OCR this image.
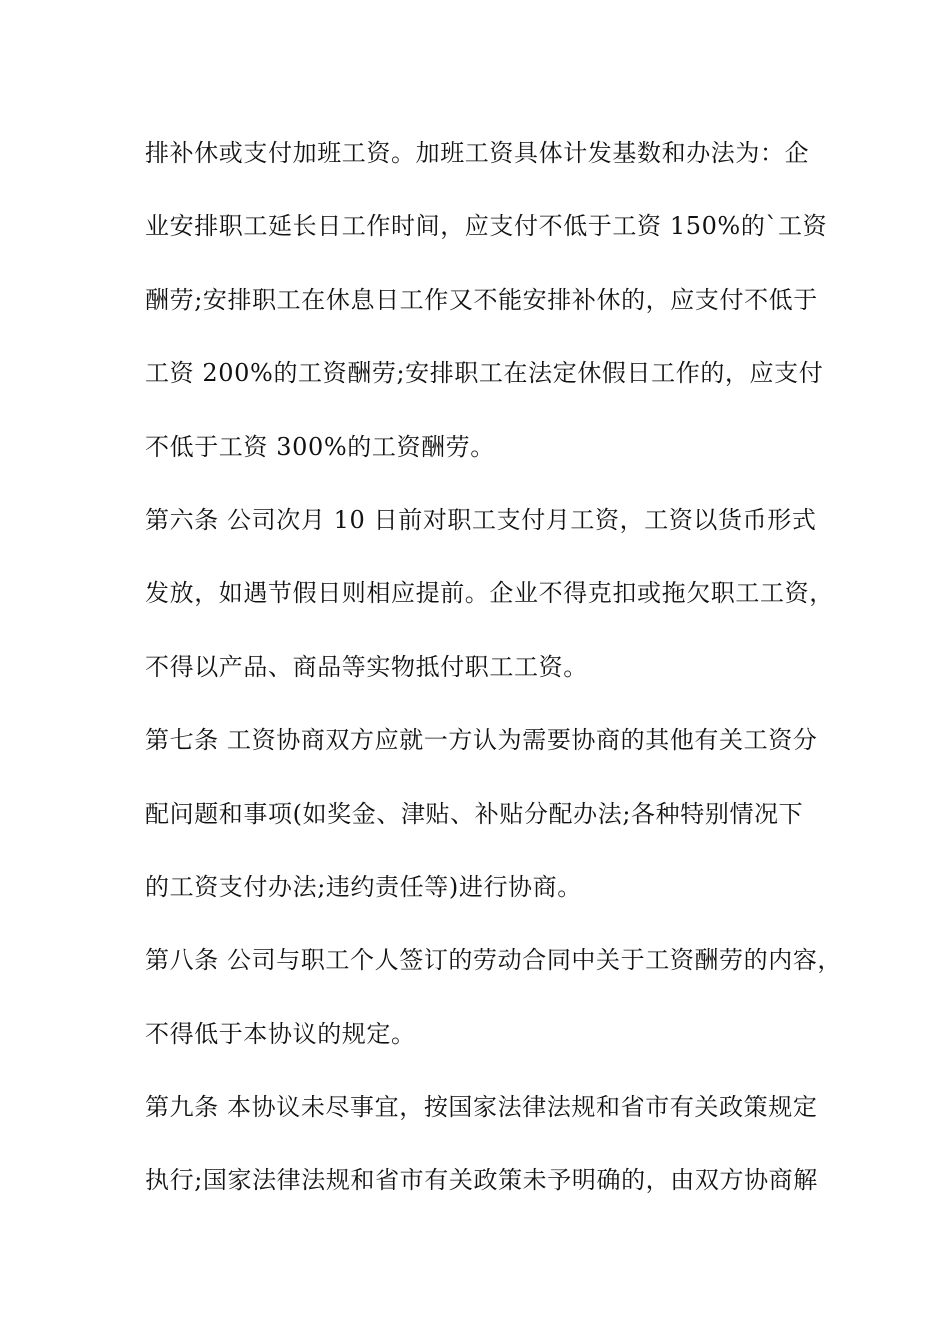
排补休或支付加班工资。加班工资具体计发基数和办法为：企
业安排职工延长日工作时间，应支付不低于工资 150%的`工资
酬劳;安排职工在休息日工作又不能安排补休的，应支付不低于
工资 200%的工资酬劳;安排职工在法定休假日工作的，应支付
不低于工资 300%的工资酬劳。
第六条 公司次月 10 日前对职工支付月工资，工资以货币形式
发放，如遇节假日则相应提前。企业不得克扣或拖欠职工工资，
不得以产品、商品等实物抵付职工工资。
第七条 工资协商双方应就一方认为需要协商的其他有关工资分
配问题和事项(如奖金、津贴、补贴分配办法;各种特别情况下
的工资支付办法;违约责任等)进行协商。
第八条 公司与职工个人签订的劳动合同中关于工资酬劳的内容，
不得低于本协议的规定。
第九条 本协议未尽事宜，按国家法律法规和省市有关政策规定
执行;国家法律法规和省市有关政策未予明确的，由双方协商解
